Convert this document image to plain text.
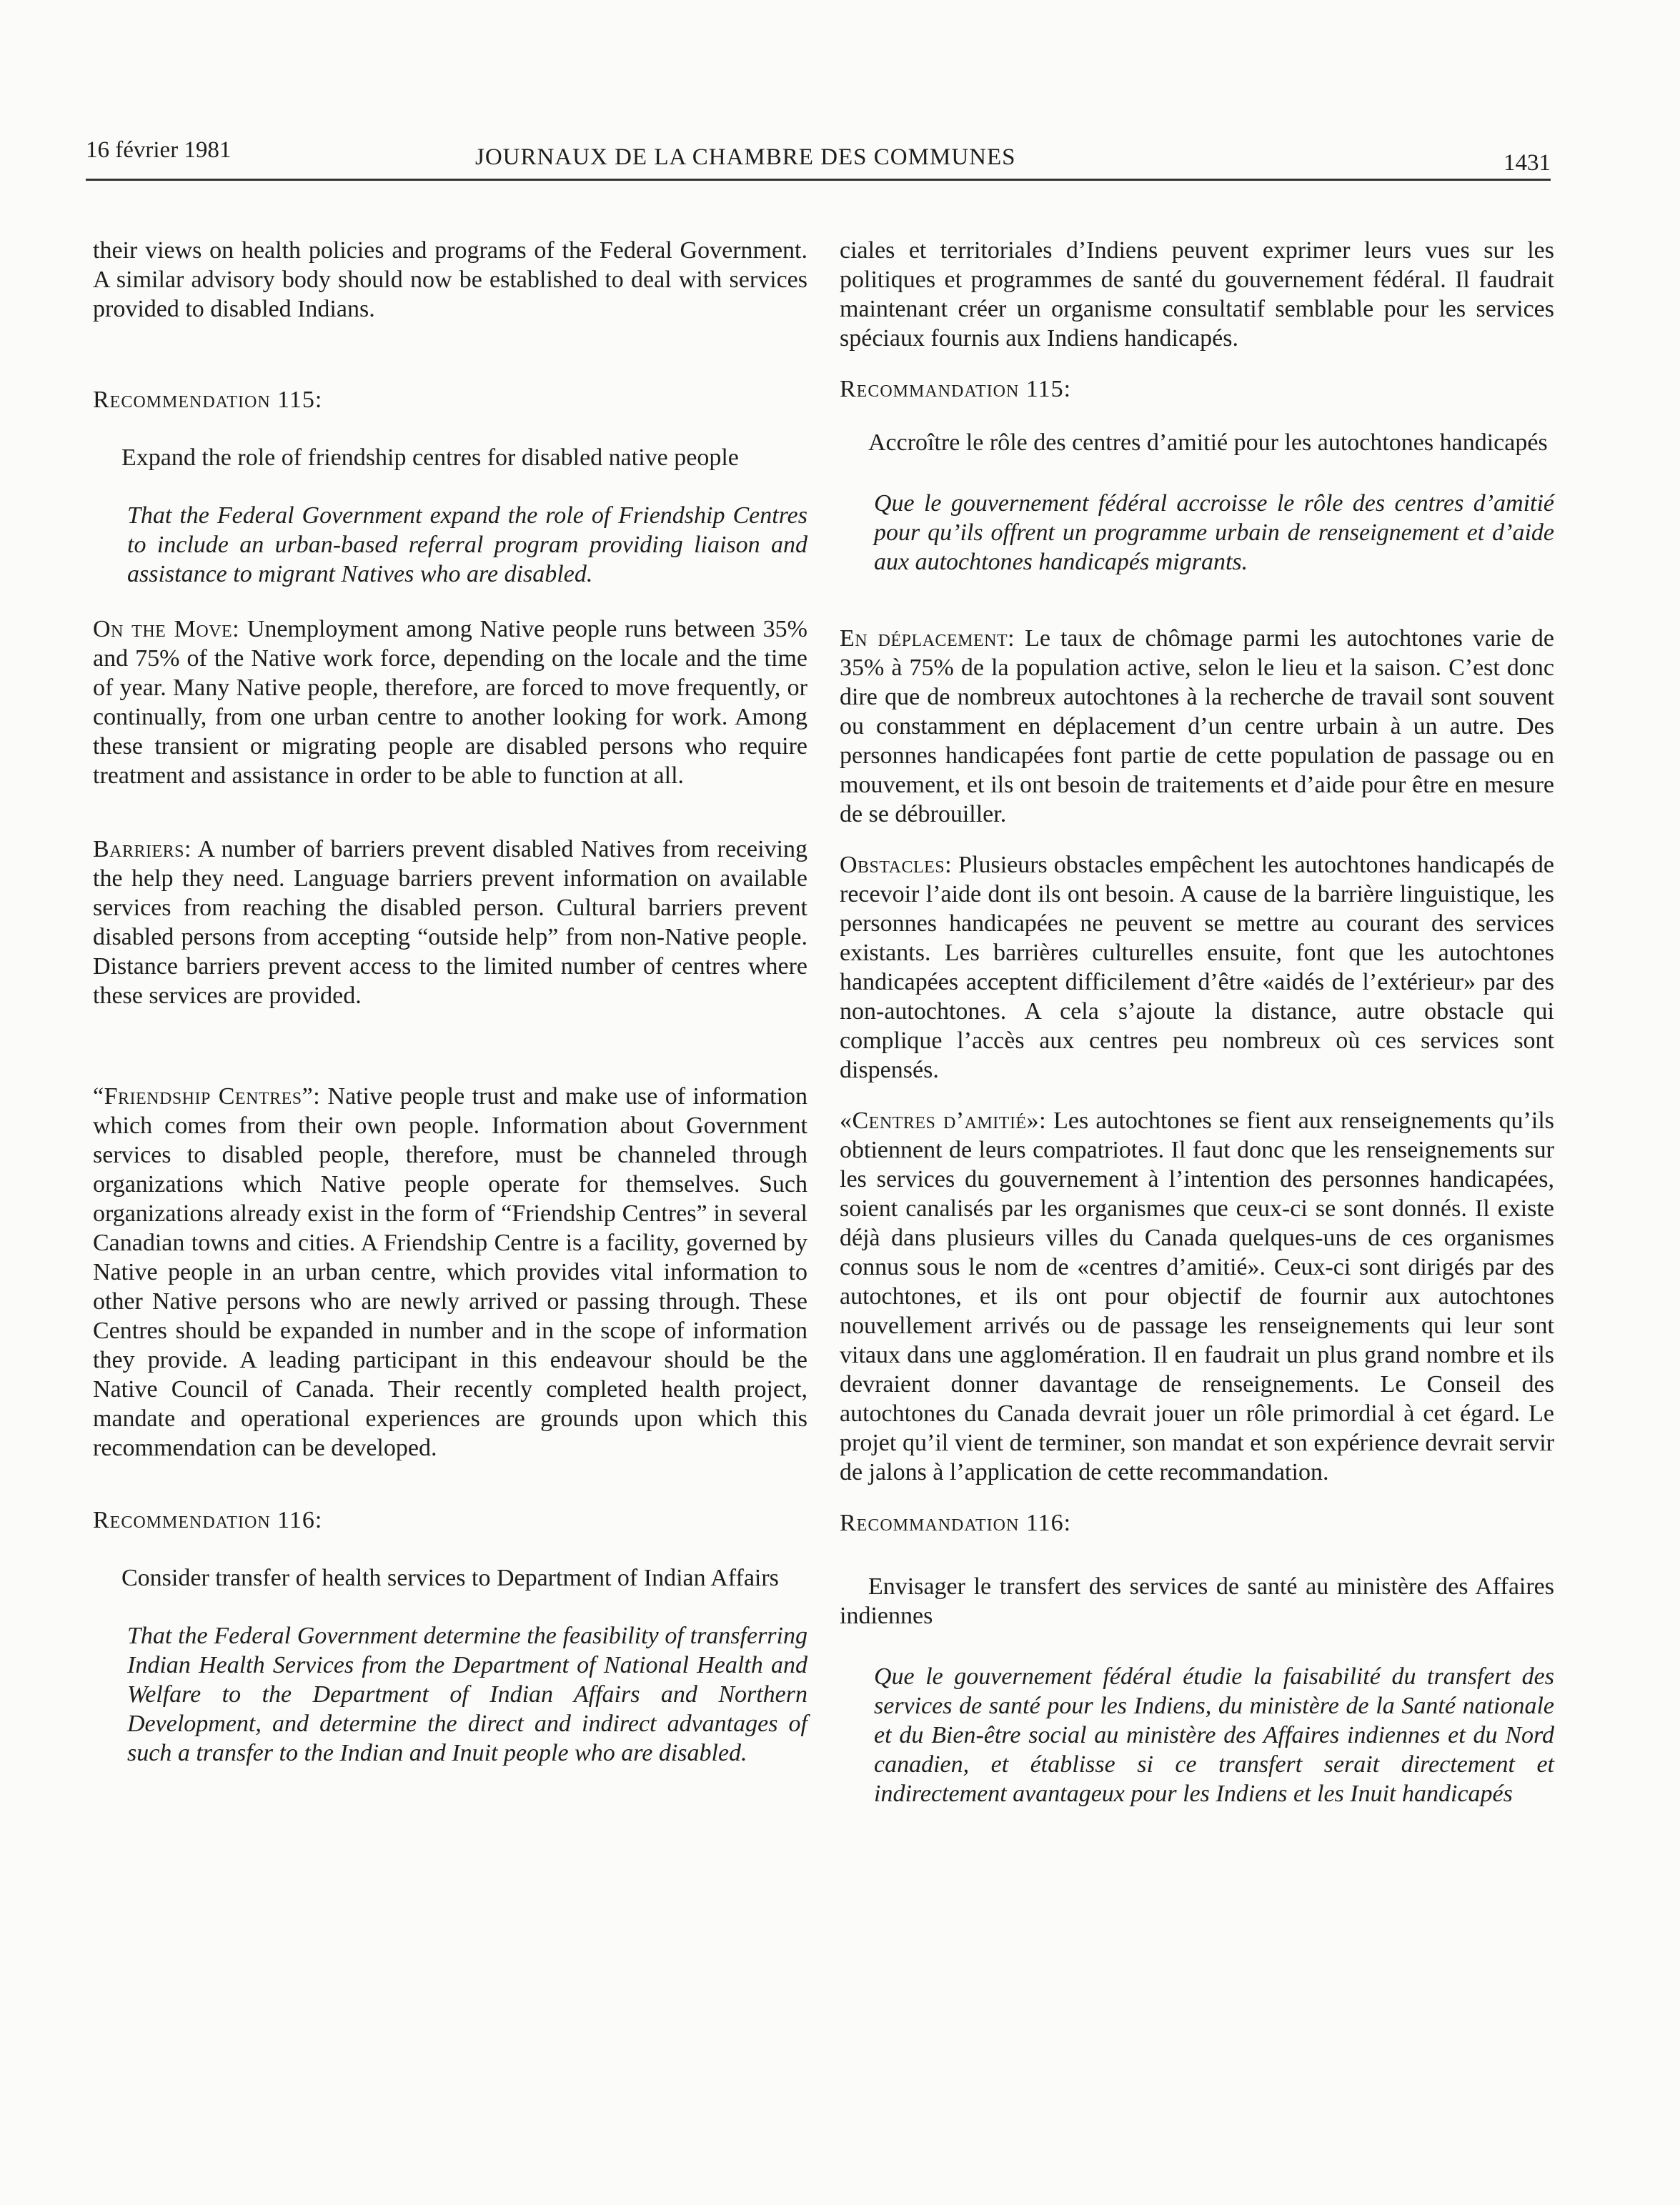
16 février 1981	JOURNAUX DE LA CHAMBRE DES COMMUNES	1431

their views on health policies and programs of the Federal Government. A similar advisory body should now be established to deal with services provided to disabled Indians.

Recommendation 115:

Expand the role of friendship centres for disabled native people

That the Federal Government expand the role of Friendship Centres to include an urban-based referral program providing liaison and assistance to migrant Natives who are disabled.

On the Move: Unemployment among Native people runs between 35% and 75% of the Native work force, depending on the locale and the time of year. Many Native people, therefore, are forced to move frequently, or continually, from one urban centre to another looking for work. Among these transient or migrating people are disabled persons who require treatment and assistance in order to be able to function at all.

Barriers: A number of barriers prevent disabled Natives from receiving the help they need. Language barriers prevent information on available services from reaching the disabled person. Cultural barriers prevent disabled persons from accepting “outside help” from non-Native people. Distance barriers prevent access to the limited number of centres where these services are provided.

“Friendship Centres”: Native people trust and make use of information which comes from their own people. Information about Government services to disabled people, therefore, must be channeled through organizations which Native people operate for themselves. Such organizations already exist in the form of “Friendship Centres” in several Canadian towns and cities. A Friendship Centre is a facility, governed by Native people in an urban centre, which provides vital information to other Native persons who are newly arrived or passing through. These Centres should be expanded in number and in the scope of information they provide. A leading participant in this endeavour should be the Native Council of Canada. Their recently completed health project, mandate and operational experiences are grounds upon which this recommendation can be developed.

Recommendation 116:

Consider transfer of health services to Department of Indian Affairs

That the Federal Government determine the feasibility of transferring Indian Health Services from the Department of National Health and Welfare to the Department of Indian Affairs and Northern Development, and determine the direct and indirect advantages of such a transfer to the Indian and Inuit people who are disabled.

ciales et territoriales d’Indiens peuvent exprimer leurs vues sur les politiques et programmes de santé du gouvernement fédéral. Il faudrait maintenant créer un organisme consultatif semblable pour les services spéciaux fournis aux Indiens handicapés.

Recommandation 115:

Accroître le rôle des centres d’amitié pour les autochtones handicapés

Que le gouvernement fédéral accroisse le rôle des centres d’amitié pour qu’ils offrent un programme urbain de renseignement et d’aide aux autochtones handicapés migrants.

En déplacement: Le taux de chômage parmi les autochtones varie de 35% à 75% de la population active, selon le lieu et la saison. C’est donc dire que de nombreux autochtones à la recherche de travail sont souvent ou constamment en déplacement d’un centre urbain à un autre. Des personnes handicapées font partie de cette population de passage ou en mouvement, et ils ont besoin de traitements et d’aide pour être en mesure de se débrouiller.

Obstacles: Plusieurs obstacles empêchent les autochtones handicapés de recevoir l’aide dont ils ont besoin. A cause de la barrière linguistique, les personnes handicapées ne peuvent se mettre au courant des services existants. Les barrières culturelles ensuite, font que les autochtones handicapées acceptent difficilement d’être «aidés de l’extérieur» par des non-autochtones. A cela s’ajoute la distance, autre obstacle qui complique l’accès aux centres peu nombreux où ces services sont dispensés.

«Centres d’amitié»: Les autochtones se fient aux renseignements qu’ils obtiennent de leurs compatriotes. Il faut donc que les renseignements sur les services du gouvernement à l’intention des personnes handicapées, soient canalisés par les organismes que ceux-ci se sont donnés. Il existe déjà dans plusieurs villes du Canada quelques-uns de ces organismes connus sous le nom de «centres d’amitié». Ceux-ci sont dirigés par des autochtones, et ils ont pour objectif de fournir aux autochtones nouvellement arrivés ou de passage les renseignements qui leur sont vitaux dans une agglomération. Il en faudrait un plus grand nombre et ils devraient donner davantage de renseignements. Le Conseil des autochtones du Canada devrait jouer un rôle primordial à cet égard. Le projet qu’il vient de terminer, son mandat et son expérience devrait servir de jalons à l’application de cette recommandation.

Recommandation 116:

Envisager le transfert des services de santé au ministère des Affaires indiennes

Que le gouvernement fédéral étudie la faisabilité du transfert des services de santé pour les Indiens, du ministère de la Santé nationale et du Bien-être social au ministère des Affaires indiennes et du Nord canadien, et établisse si ce transfert serait directement et indirectement avantageux pour les Indiens et les Inuit handicapés
